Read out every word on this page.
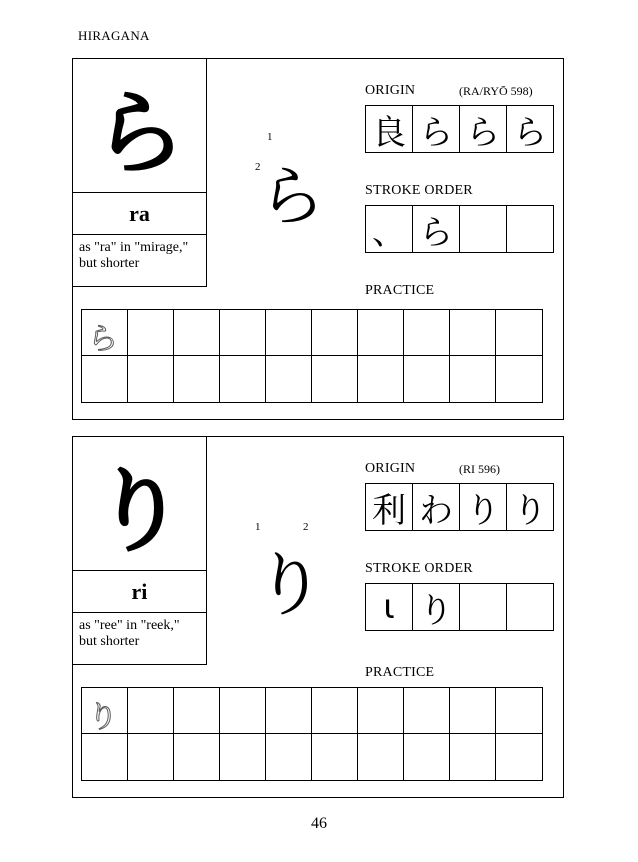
HIRAGANA
ら
ra
as "ra" in "mirage,"
but shorter
1
2
ら
ORIGIN	(RA/RYŌ 598)
良 ら ら ら
STROKE ORDER
、 ら
PRACTICE
ら
り
ri
as "ree" in "reek,"
but shorter
1	2
り
ORIGIN	(RI 596)
利 わ り り
STROKE ORDER
ι り
PRACTICE
り
46
